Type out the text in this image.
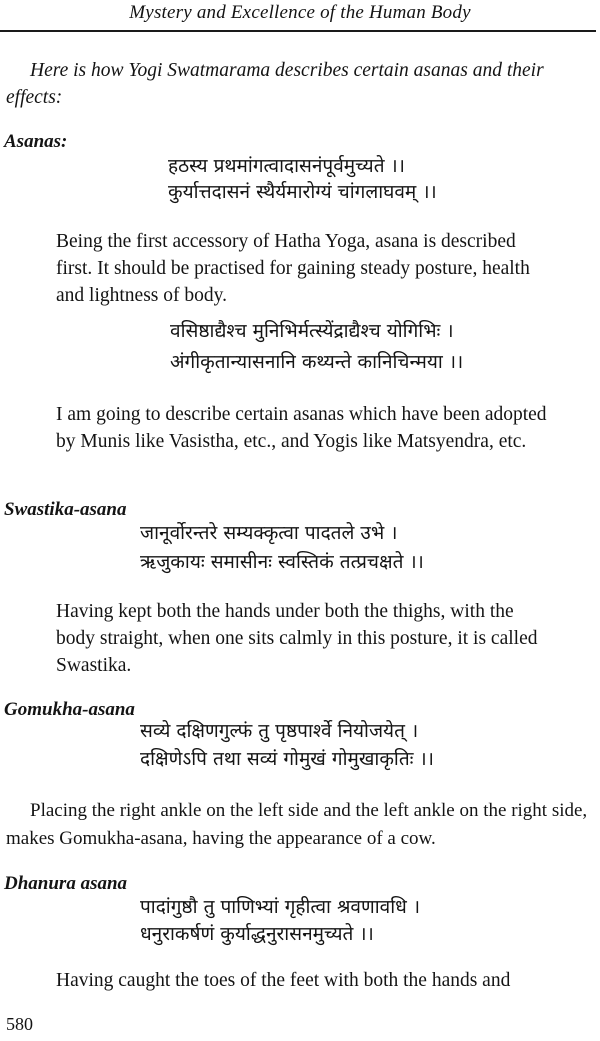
Mystery and Excellence of the Human Body
Here is how Yogi Swatmarama describes certain asanas and their effects:
Asanas:
हठस्य प्रथमांगत्वादासनंपूर्वमुच्यते ।।
कुर्यात्तदासनं स्थैर्यमारोग्यं चांगलाघवम् ।।
Being the first accessory of Hatha Yoga, asana is described first. It should be practised for gaining steady posture, health and lightness of body.
वसिष्ठाद्यैश्च मुनिभिर्मत्स्येंद्राद्यैश्च योगिभिः ।
अंगीकृतान्यासनानि कथ्यन्ते कानिचिन्मया ।।
I am going to describe certain asanas which have been adopted by Munis like Vasistha, etc., and Yogis like Matsyendra, etc.
Swastika-asana
जानूर्वोरन्तरे सम्यक्कृत्वा पादतले उभे ।
ऋजुकायः समासीनः स्वस्तिकं तत्प्रचक्षते ।।
Having kept both the hands under both the thighs, with the body straight, when one sits calmly in this posture, it is called Swastika.
Gomukha-asana
सव्ये दक्षिणगुल्फं तु पृष्ठपार्श्वे नियोजयेत् ।
दक्षिणेऽपि तथा सव्यं गोमुखं गोमुखाकृतिः ।।
Placing the right ankle on the left side and the left ankle on the right side, makes Gomukha-asana, having the appearance of a cow.
Dhanura asana
पादांगुष्ठौ तु पाणिभ्यां गृहीत्वा श्रवणावधि ।
धनुराकर्षणं कुर्याद्धनुरासनमुच्यते ।।
Having caught the toes of the feet with both the hands and
580
